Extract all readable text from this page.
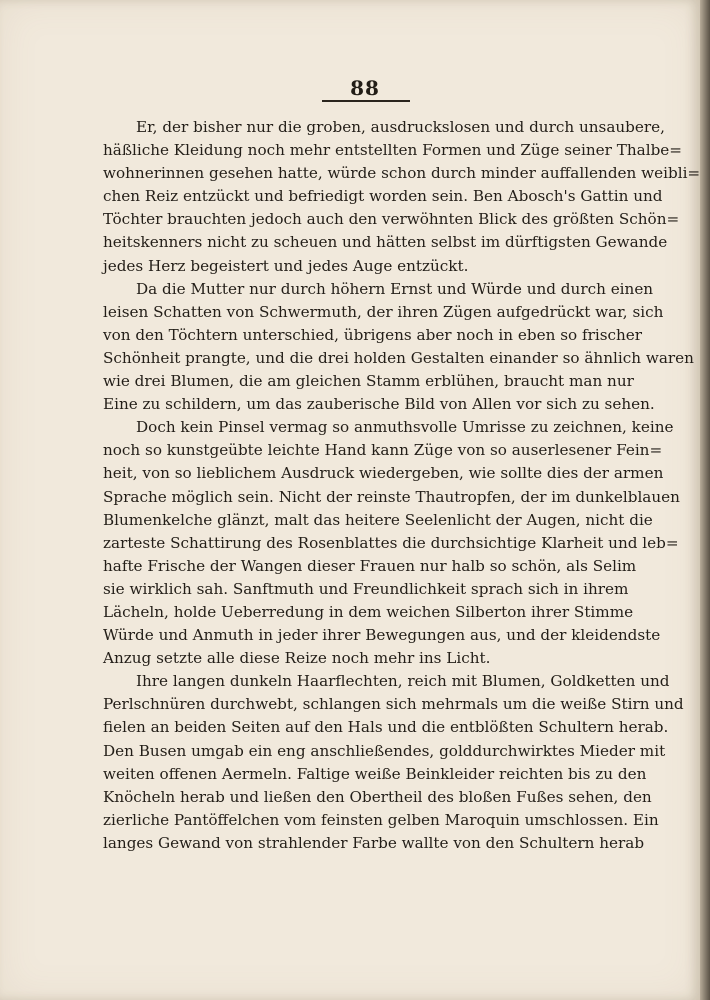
88
Er, der bisher nur die groben, ausdruckslosen und durch unsaubere,
häßliche Kleidung noch mehr entstellten Formen und Züge seiner Thalbe=
wohnerinnen gesehen hatte, würde schon durch minder auffallenden weibli=
chen Reiz entzückt und befriedigt worden sein. Ben Abosch's Gattin und
Töchter brauchten jedoch auch den verwöhnten Blick des größten Schön=
heitskenners nicht zu scheuen und hätten selbst im dürftigsten Gewande
jedes Herz begeistert und jedes Auge entzückt.
Da die Mutter nur durch höhern Ernst und Würde und durch einen
leisen Schatten von Schwermuth, der ihren Zügen aufgedrückt war, sich
von den Töchtern unterschied, übrigens aber noch in eben so frischer
Schönheit prangte, und die drei holden Gestalten einander so ähnlich waren
wie drei Blumen, die am gleichen Stamm erblühen, braucht man nur
Eine zu schildern, um das zauberische Bild von Allen vor sich zu sehen.
Doch kein Pinsel vermag so anmuthsvolle Umrisse zu zeichnen, keine
noch so kunstgeübte leichte Hand kann Züge von so auserlesener Fein=
heit, von so lieblichem Ausdruck wiedergeben, wie sollte dies der armen
Sprache möglich sein. Nicht der reinste Thautropfen, der im dunkelblauen
Blumenkelche glänzt, malt das heitere Seelenlicht der Augen, nicht die
zarteste Schattirung des Rosenblattes die durchsichtige Klarheit und leb=
hafte Frische der Wangen dieser Frauen nur halb so schön, als Selim
sie wirklich sah. Sanftmuth und Freundlichkeit sprach sich in ihrem
Lächeln, holde Ueberredung in dem weichen Silberton ihrer Stimme
Würde und Anmuth in jeder ihrer Bewegungen aus, und der kleidendste
Anzug setzte alle diese Reize noch mehr ins Licht.
Ihre langen dunkeln Haarflechten, reich mit Blumen, Goldketten und
Perlschnüren durchwebt, schlangen sich mehrmals um die weiße Stirn und
fielen an beiden Seiten auf den Hals und die entblößten Schultern herab.
Den Busen umgab ein eng anschließendes, golddurchwirktes Mieder mit
weiten offenen Aermeln. Faltige weiße Beinkleider reichten bis zu den
Knöcheln herab und ließen den Obertheil des bloßen Fußes sehen, den
zierliche Pantöffelchen vom feinsten gelben Maroquin umschlossen. Ein
langes Gewand von strahlender Farbe wallte von den Schultern herab
